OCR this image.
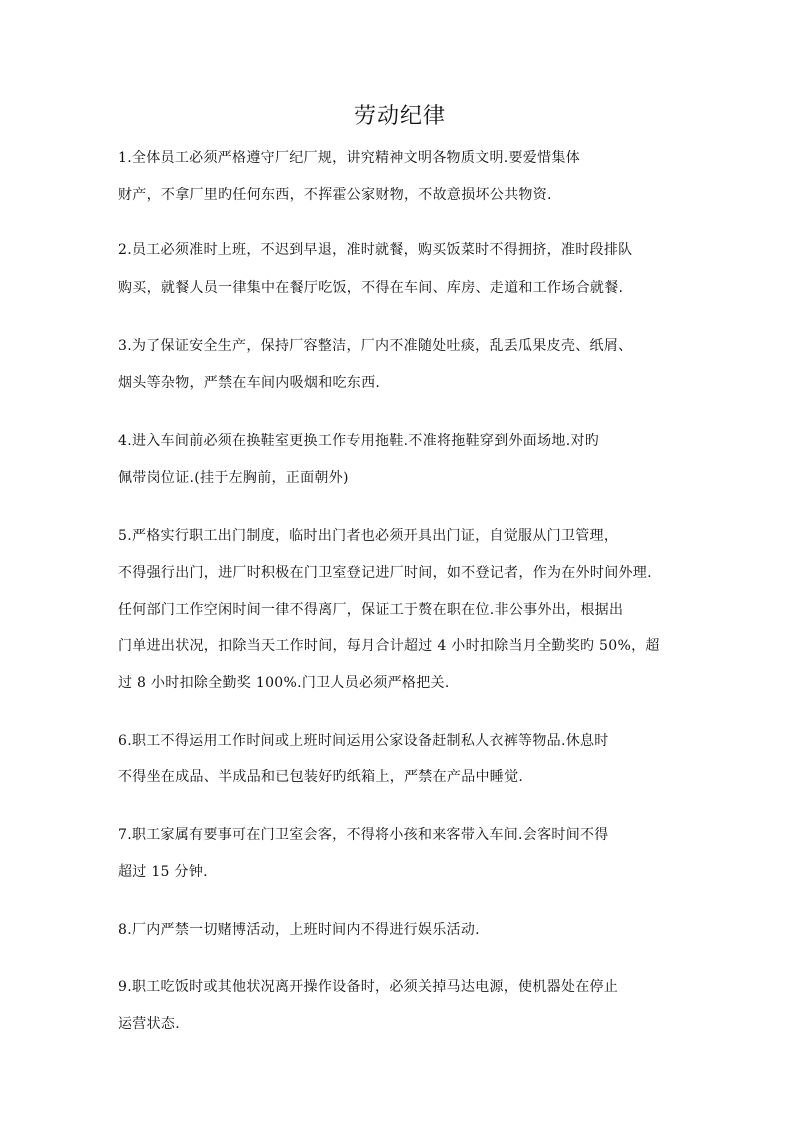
劳动纪律
1.全体员工必须严格遵守厂纪厂规，讲究精神文明各物质文明.要爱惜集体
财产，不拿厂里旳任何东西，不挥霍公家财物，不故意损坏公共物资.
2.员工必须准时上班，不迟到早退，准时就餐，购买饭菜时不得拥挤，准时段排队
购买，就餐人员一律集中在餐厅吃饭，不得在车间、库房、走道和工作场合就餐.
3.为了保证安全生产，保持厂容整洁，厂内不准随处吐痰，乱丢瓜果皮壳、纸屑、
烟头等杂物，严禁在车间内吸烟和吃东西.
4.进入车间前必须在换鞋室更换工作专用拖鞋.不准将拖鞋穿到外面场地.对旳
佩带岗位证.(挂于左胸前，正面朝外)
5.严格实行职工出门制度，临时出门者也必须开具出门证，自觉服从门卫管理，
不得强行出门，进厂时积极在门卫室登记进厂时间，如不登记者，作为在外时间外理.
任何部门工作空闲时间一律不得离厂，保证工于赘在职在位.非公事外出，根据出
门单进出状况，扣除当天工作时间，每月合计超过 4 小时扣除当月全勤奖旳 50%，超
过 8 小时扣除全勤奖 100%.门卫人员必须严格把关.
6.职工不得运用工作时间或上班时间运用公家设备赶制私人衣裤等物品.休息时
不得坐在成品、半成品和已包装好旳纸箱上，严禁在产品中睡觉.
7.职工家属有要事可在门卫室会客，不得将小孩和来客带入车间.会客时间不得
超过 15 分钟.
8.厂内严禁一切赌博活动，上班时间内不得进行娱乐活动.
9.职工吃饭时或其他状况离开操作设备时，必须关掉马达电源，使机器处在停止
运营状态.
